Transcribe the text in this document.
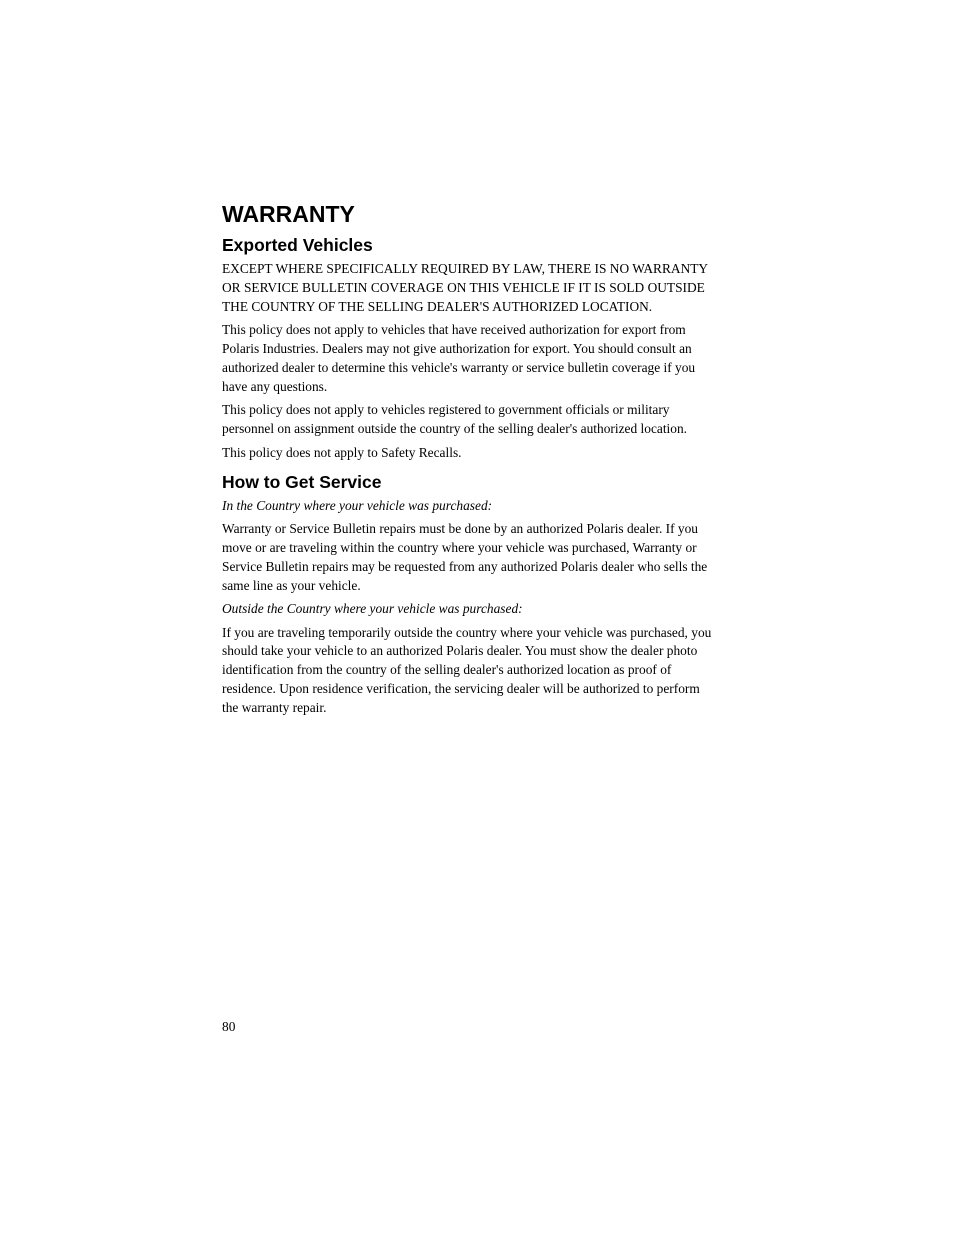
WARRANTY
Exported Vehicles

EXCEPT WHERE SPECIFICALLY REQUIRED BY LAW, THERE IS NO WARRANTY OR SERVICE BULLETIN COVERAGE ON THIS VEHICLE IF IT IS SOLD OUTSIDE THE COUNTRY OF THE SELLING DEALER'S AUTHORIZED LOCATION.

This policy does not apply to vehicles that have received authorization for export from Polaris Industries. Dealers may not give authorization for export. You should consult an authorized dealer to determine this vehicle's warranty or service bulletin coverage if you have any questions.

This policy does not apply to vehicles registered to government officials or military personnel on assignment outside the country of the selling dealer's authorized location.

This policy does not apply to Safety Recalls.

How to Get Service

In the Country where your vehicle was purchased:

Warranty or Service Bulletin repairs must be done by an authorized Polaris dealer. If you move or are traveling within the country where your vehicle was purchased, Warranty or Service Bulletin repairs may be requested from any authorized Polaris dealer who sells the same line as your vehicle.

Outside the Country where your vehicle was purchased:

If you are traveling temporarily outside the country where your vehicle was purchased, you should take your vehicle to an authorized Polaris dealer. You must show the dealer photo identification from the country of the selling dealer's authorized location as proof of residence. Upon residence verification, the servicing dealer will be authorized to perform the warranty repair.

80
